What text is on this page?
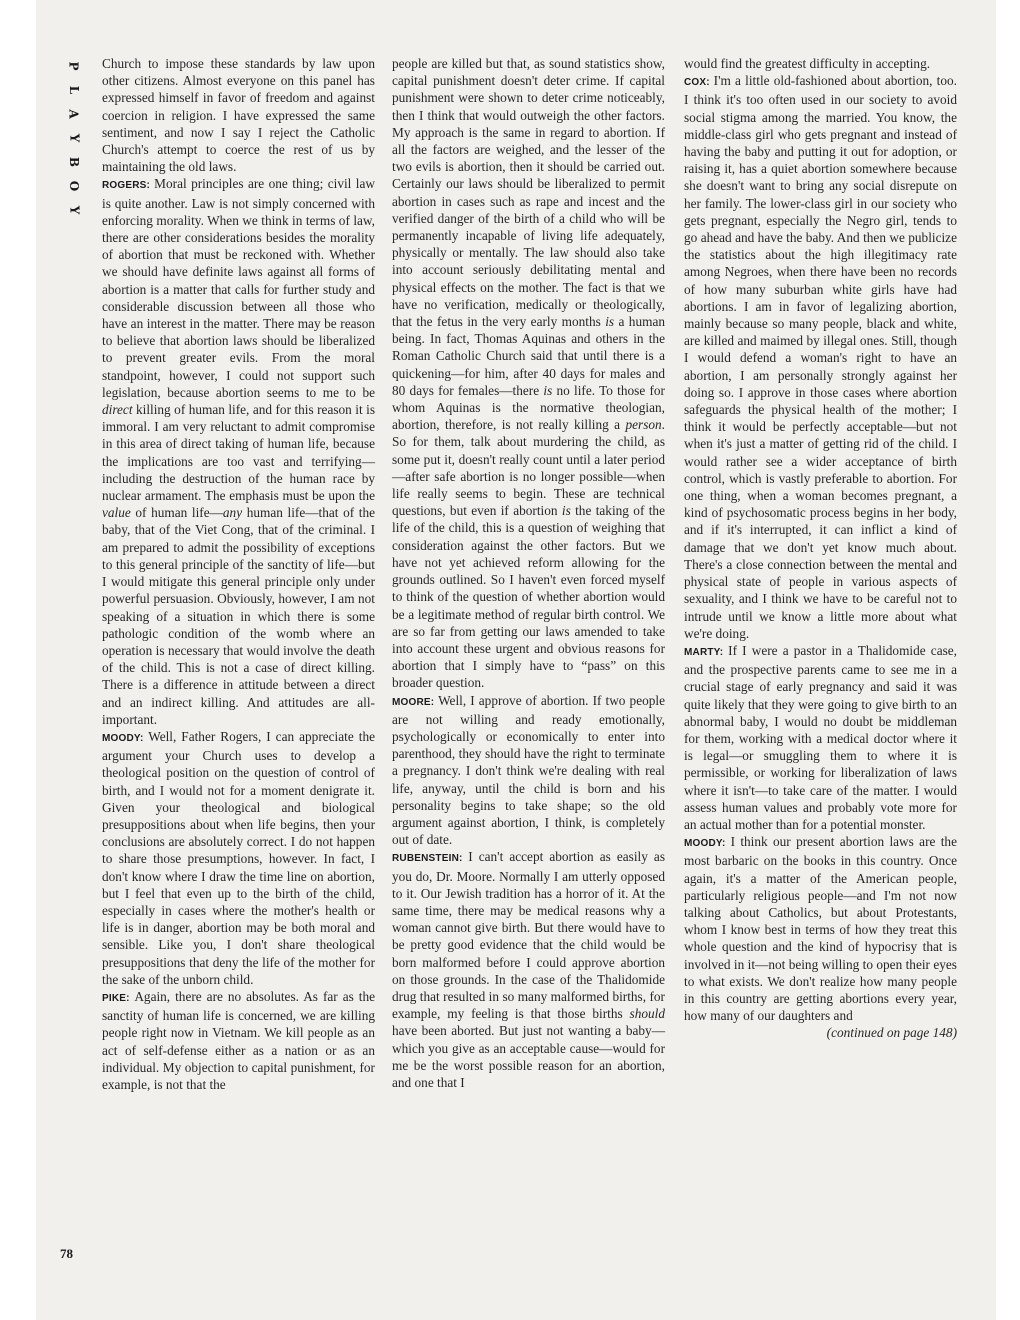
P
L
A
Y
B
O
Y
78

Church to impose these standards by law upon other citizens. Almost everyone on this panel has expressed himself in favor of freedom and against coercion in religion. I have expressed the same sentiment, and now I say I reject the Catholic Church's attempt to coerce the rest of us by maintaining the old laws.

ROGERS: Moral principles are one thing; civil law is quite another. Law is not simply concerned with enforcing morality. When we think in terms of law, there are other considerations besides the morality of abortion that must be reckoned with. Whether we should have definite laws against all forms of abortion is a matter that calls for further study and considerable discussion between all those who have an interest in the matter. There may be reason to believe that abortion laws should be liberalized to prevent greater evils. From the moral standpoint, however, I could not support such legislation, because abortion seems to me to be direct killing of human life, and for this reason it is immoral. I am very reluctant to admit compromise in this area of direct taking of human life, because the implications are too vast and terrifying—including the destruction of the human race by nuclear armament. The emphasis must be upon the value of human life—any human life—that of the baby, that of the Viet Cong, that of the criminal. I am prepared to admit the possibility of exceptions to this general principle of the sanctity of life—but I would mitigate this general principle only under powerful persuasion. Obviously, however, I am not speaking of a situation in which there is some pathologic condition of the womb where an operation is necessary that would involve the death of the child. This is not a case of direct killing. There is a difference in attitude between a direct and an indirect killing. And attitudes are all-important.

MOODY: Well, Father Rogers, I can appreciate the argument your Church uses to develop a theological position on the question of control of birth, and I would not for a moment denigrate it. Given your theological and biological presuppositions about when life begins, then your conclusions are absolutely correct. I do not happen to share those presumptions, however. In fact, I don't know where I draw the time line on abortion, but I feel that even up to the birth of the child, especially in cases where the mother's health or life is in danger, abortion may be both moral and sensible. Like you, I don't share theological presuppositions that deny the life of the mother for the sake of the unborn child.

PIKE: Again, there are no absolutes. As far as the sanctity of human life is concerned, we are killing people right now in Vietnam. We kill people as an act of self-defense either as a nation or as an individual. My objection to capital punishment, for example, is not that the

people are killed but that, as sound statistics show, capital punishment doesn't deter crime. If capital punishment were shown to deter crime noticeably, then I think that would outweigh the other factors. My approach is the same in regard to abortion. If all the factors are weighed, and the lesser of the two evils is abortion, then it should be carried out. Certainly our laws should be liberalized to permit abortion in cases such as rape and incest and the verified danger of the birth of a child who will be permanently incapable of living life adequately, physically or mentally. The law should also take into account seriously debilitating mental and physical effects on the mother. The fact is that we have no verification, medically or theologically, that the fetus in the very early months is a human being. In fact, Thomas Aquinas and others in the Roman Catholic Church said that until there is a quickening—for him, after 40 days for males and 80 days for females—there is no life. To those for whom Aquinas is the normative theologian, abortion, therefore, is not really killing a person. So for them, talk about murdering the child, as some put it, doesn't really count until a later period—after safe abortion is no longer possible—when life really seems to begin. These are technical questions, but even if abortion is the taking of the life of the child, this is a question of weighing that consideration against the other factors. But we have not yet achieved reform allowing for the grounds outlined. So I haven't even forced myself to think of the question of whether abortion would be a legitimate method of regular birth control. We are so far from getting our laws amended to take into account these urgent and obvious reasons for abortion that I simply have to “pass” on this broader question.

MOORE: Well, I approve of abortion. If two people are not willing and ready emotionally, psychologically or economically to enter into parenthood, they should have the right to terminate a pregnancy. I don't think we're dealing with real life, anyway, until the child is born and his personality begins to take shape; so the old argument against abortion, I think, is completely out of date.

RUBENSTEIN: I can't accept abortion as easily as you do, Dr. Moore. Normally I am utterly opposed to it. Our Jewish tradition has a horror of it. At the same time, there may be medical reasons why a woman cannot give birth. But there would have to be pretty good evidence that the child would be born malformed before I could approve abortion on those grounds. In the case of the Thalidomide drug that resulted in so many malformed births, for example, my feeling is that those births should have been aborted. But just not wanting a baby—which you give as an acceptable cause—would for me be the worst possible reason for an abortion, and one that I

would find the greatest difficulty in accepting.

COX: I'm a little old-fashioned about abortion, too. I think it's too often used in our society to avoid social stigma among the married. You know, the middle-class girl who gets pregnant and instead of having the baby and putting it out for adoption, or raising it, has a quiet abortion somewhere because she doesn't want to bring any social disrepute on her family. The lower-class girl in our society who gets pregnant, especially the Negro girl, tends to go ahead and have the baby. And then we publicize the statistics about the high illegitimacy rate among Negroes, when there have been no records of how many suburban white girls have had abortions. I am in favor of legalizing abortion, mainly because so many people, black and white, are killed and maimed by illegal ones. Still, though I would defend a woman's right to have an abortion, I am personally strongly against her doing so. I approve in those cases where abortion safeguards the physical health of the mother; I think it would be perfectly acceptable—but not when it's just a matter of getting rid of the child. I would rather see a wider acceptance of birth control, which is vastly preferable to abortion. For one thing, when a woman becomes pregnant, a kind of psychosomatic process begins in her body, and if it's interrupted, it can inflict a kind of damage that we don't yet know much about. There's a close connection between the mental and physical state of people in various aspects of sexuality, and I think we have to be careful not to intrude until we know a little more about what we're doing.

MARTY: If I were a pastor in a Thalidomide case, and the prospective parents came to see me in a crucial stage of early pregnancy and said it was quite likely that they were going to give birth to an abnormal baby, I would no doubt be middleman for them, working with a medical doctor where it is legal—or smuggling them to where it is permissible, or working for liberalization of laws where it isn't—to take care of the matter. I would assess human values and probably vote more for an actual mother than for a potential monster.

MOODY: I think our present abortion laws are the most barbaric on the books in this country. Once again, it's a matter of the American people, particularly religious people—and I'm not now talking about Catholics, but about Protestants, whom I know best in terms of how they treat this whole question and the kind of hypocrisy that is involved in it—not being willing to open their eyes to what exists. We don't realize how many people in this country are getting abortions every year, how many of our daughters and

(continued on page 148)
